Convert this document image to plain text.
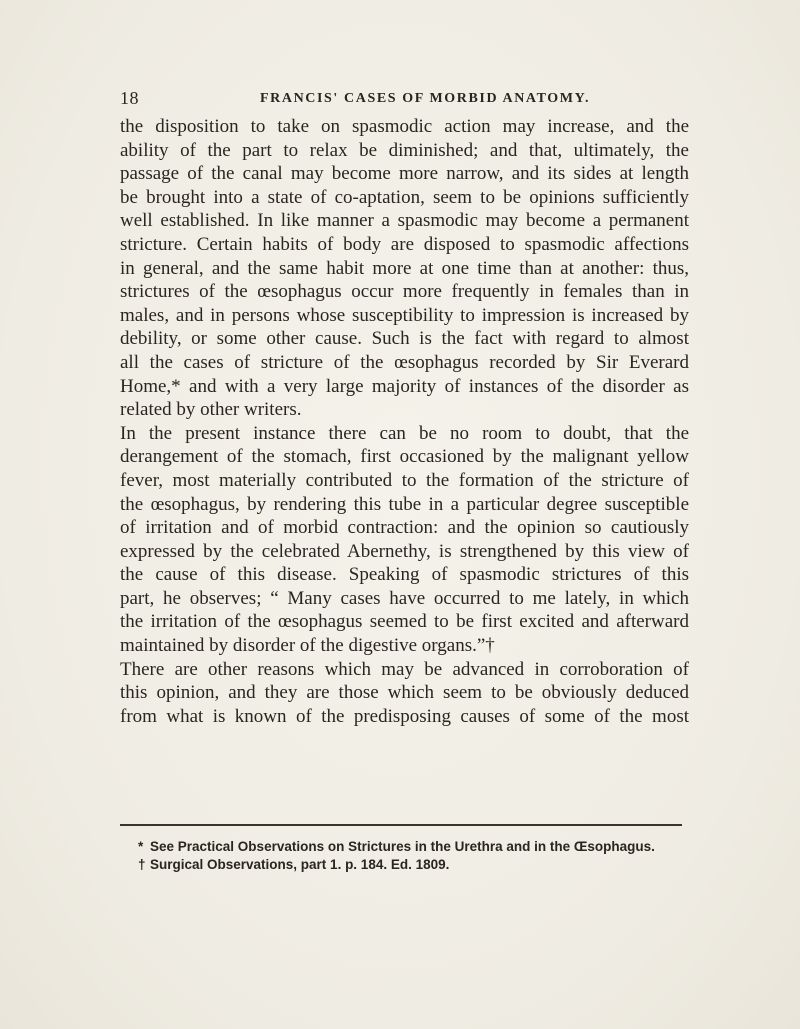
18	FRANCIS' CASES OF MORBID ANATOMY.
the disposition to take on spasmodic action may increase, and the
ability of the part to relax be diminished; and that, ultimately, the
passage of the canal may become more narrow, and its sides at length
be brought into a state of co-aptation, seem to be opinions sufficiently
well established. In like manner a spasmodic may become a permanent
stricture. Certain habits of body are disposed to spasmodic affections
in general, and the same habit more at one time than at another: thus,
strictures of the œsophagus occur more frequently in females than in
males, and in persons whose susceptibility to impression is increased by
debility, or some other cause. Such is the fact with regard to almost
all the cases of stricture of the œsophagus recorded by Sir Everard
Home,* and with a very large majority of instances of the disorder as
related by other writers.
In the present instance there can be no room to doubt, that the
derangement of the stomach, first occasioned by the malignant yellow
fever, most materially contributed to the formation of the stricture of
the œsophagus, by rendering this tube in a particular degree susceptible
of irritation and of morbid contraction: and the opinion so cautiously
expressed by the celebrated Abernethy, is strengthened by this view of
the cause of this disease. Speaking of spasmodic strictures of this
part, he observes; “ Many cases have occurred to me lately, in which
the irritation of the œsophagus seemed to be first excited and afterward
maintained by disorder of the digestive organs.”†
There are other reasons which may be advanced in corroboration of
this opinion, and they are those which seem to be obviously deduced
from what is known of the predisposing causes of some of the most
* See Practical Observations on Strictures in the Urethra and in the Œsophagus.
† Surgical Observations, part 1. p. 184. Ed. 1809.
